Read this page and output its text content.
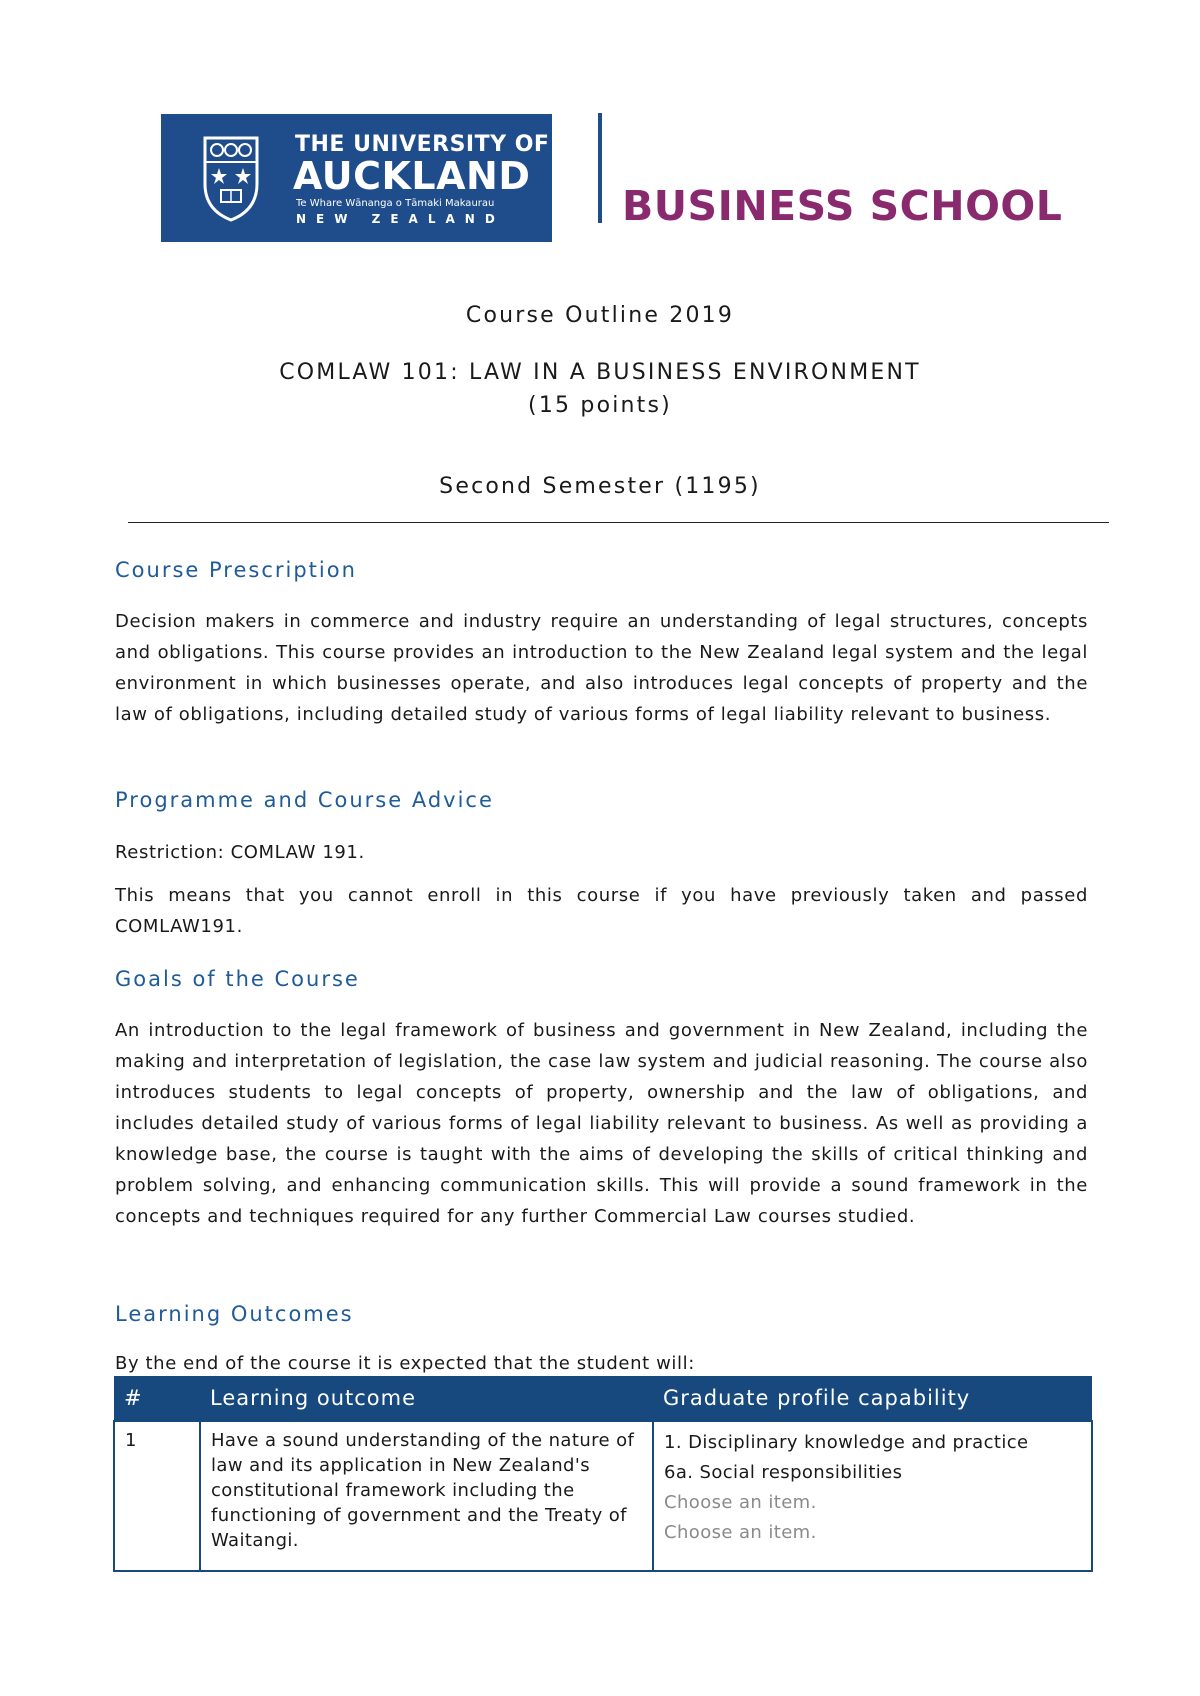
THE UNIVERSITY OF
AUCKLAND
Te Whare Wānanga o Tāmaki Makaurau
NEW ZEALAND	BUSINESS SCHOOL
Course Outline 2019
COMLAW 101: LAW IN A BUSINESS ENVIRONMENT
(15 points)
Second Semester (1195)
Course Prescription

Decision makers in commerce and industry require an understanding of legal structures, concepts and obligations. This course provides an introduction to the New Zealand legal system and the legal environment in which businesses operate, and also introduces legal concepts of property and the law of obligations, including detailed study of various forms of legal liability relevant to business.

Programme and Course Advice

Restriction: COMLAW 191.

This means that you cannot enroll in this course if you have previously taken and passed COMLAW191.

Goals of the Course

An introduction to the legal framework of business and government in New Zealand, including the making and interpretation of legislation, the case law system and judicial reasoning. The course also introduces students to legal concepts of property, ownership and the law of obligations, and includes detailed study of various forms of legal liability relevant to business. As well as providing a knowledge base, the course is taught with the aims of developing the skills of critical thinking and problem solving, and enhancing communication skills. This will provide a sound framework in the concepts and techniques required for any further Commercial Law courses studied.

Learning Outcomes

By the end of the course it is expected that the student will:

#	Learning outcome	Graduate profile capability
1	Have a sound understanding of the nature of law and its application in New Zealand's constitutional framework including the functioning of government and the Treaty of Waitangi.	1. Disciplinary knowledge and practice
6a. Social responsibilities
Choose an item.
Choose an item.
